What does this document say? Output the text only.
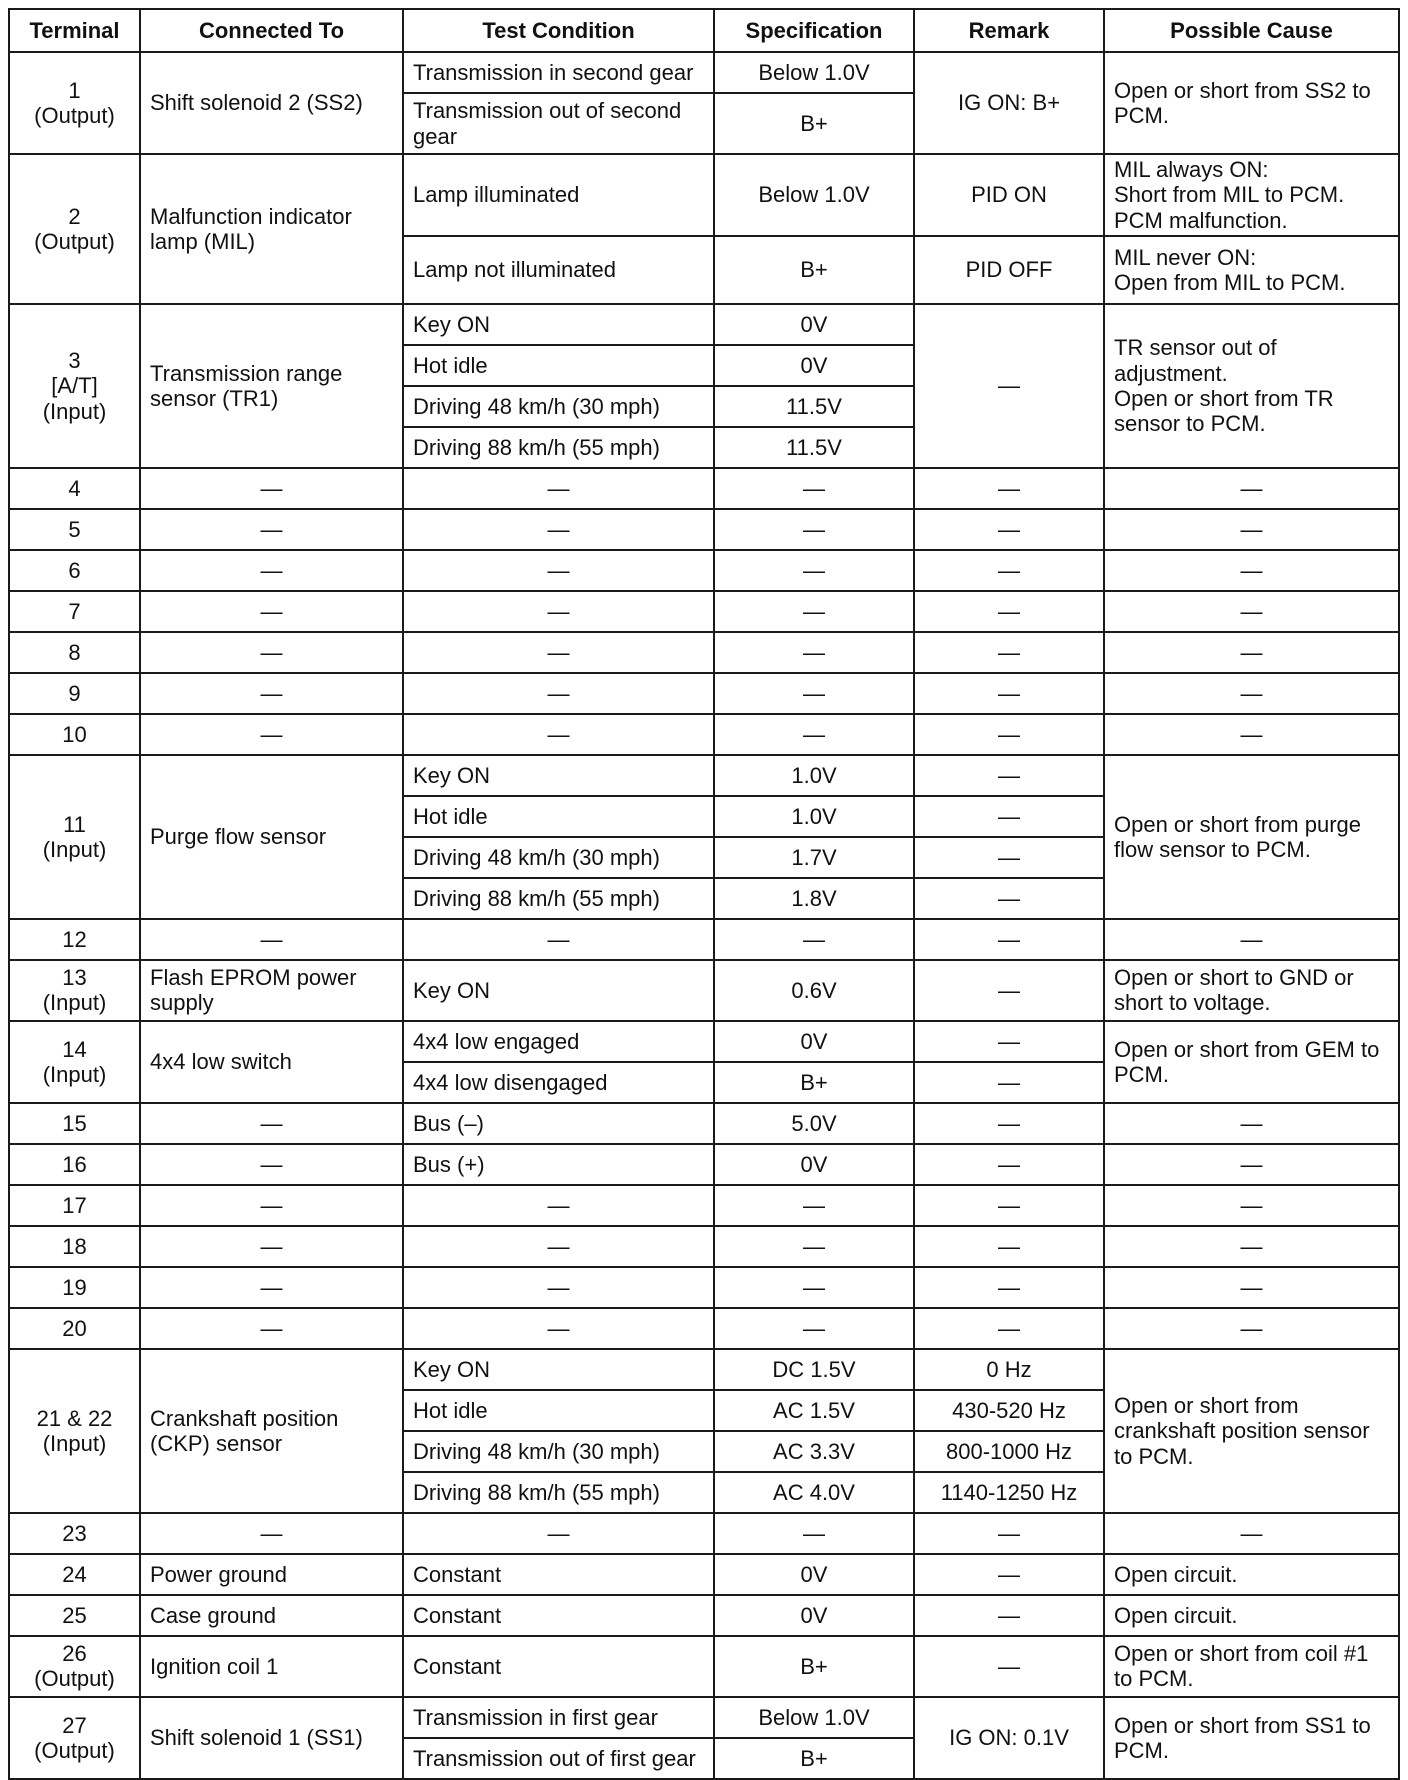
Terminal	Connected To	Test Condition	Specification	Remark	Possible Cause
1
(Output)	Shift solenoid 2 (SS2)	Transmission in second gear	Below 1.0V	IG ON: B+	Open or short from SS2 to PCM.
		Transmission out of second gear	B+		
2
(Output)	Malfunction indicator lamp (MIL)	Lamp illuminated	Below 1.0V	PID ON	MIL always ON:
Short from MIL to PCM.
PCM malfunction.
		Lamp not illuminated	B+	PID OFF	MIL never ON:
Open from MIL to PCM.
3
[A/T]
(Input)	Transmission range sensor (TR1)	Key ON	0V	—	TR sensor out of adjustment.
Open or short from TR sensor to PCM.
		Hot idle	0V		
		Driving 48 km/h (30 mph)	11.5V		
		Driving 88 km/h (55 mph)	11.5V		
4	—	—	—	—	—
5	—	—	—	—	—
6	—	—	—	—	—
7	—	—	—	—	—
8	—	—	—	—	—
9	—	—	—	—	—
10	—	—	—	—	—
11
(Input)	Purge flow sensor	Key ON	1.0V	—	Open or short from purge flow sensor to PCM.
		Hot idle	1.0V	—	
		Driving 48 km/h (30 mph)	1.7V	—	
		Driving 88 km/h (55 mph)	1.8V	—	
12	—	—	—	—	—
13
(Input)	Flash EPROM power supply	Key ON	0.6V	—	Open or short to GND or short to voltage.
14
(Input)	4x4 low switch	4x4 low engaged	0V	—	Open or short from GEM to PCM.
		4x4 low disengaged	B+	—	
15	—	Bus (–)	5.0V	—	—
16	—	Bus (+)	0V	—	—
17	—	—	—	—	—
18	—	—	—	—	—
19	—	—	—	—	—
20	—	—	—	—	—
21 & 22
(Input)	Crankshaft position (CKP) sensor	Key ON	DC 1.5V	0 Hz	Open or short from crankshaft position sensor to PCM.
		Hot idle	AC 1.5V	430-520 Hz	
		Driving 48 km/h (30 mph)	AC 3.3V	800-1000 Hz	
		Driving 88 km/h (55 mph)	AC 4.0V	1140-1250 Hz	
23	—	—	—	—	—
24	Power ground	Constant	0V	—	Open circuit.
25	Case ground	Constant	0V	—	Open circuit.
26
(Output)	Ignition coil 1	Constant	B+	—	Open or short from coil #1 to PCM.
27
(Output)	Shift solenoid 1 (SS1)	Transmission in first gear	Below 1.0V	IG ON: 0.1V	Open or short from SS1 to PCM.
		Transmission out of first gear	B+		
